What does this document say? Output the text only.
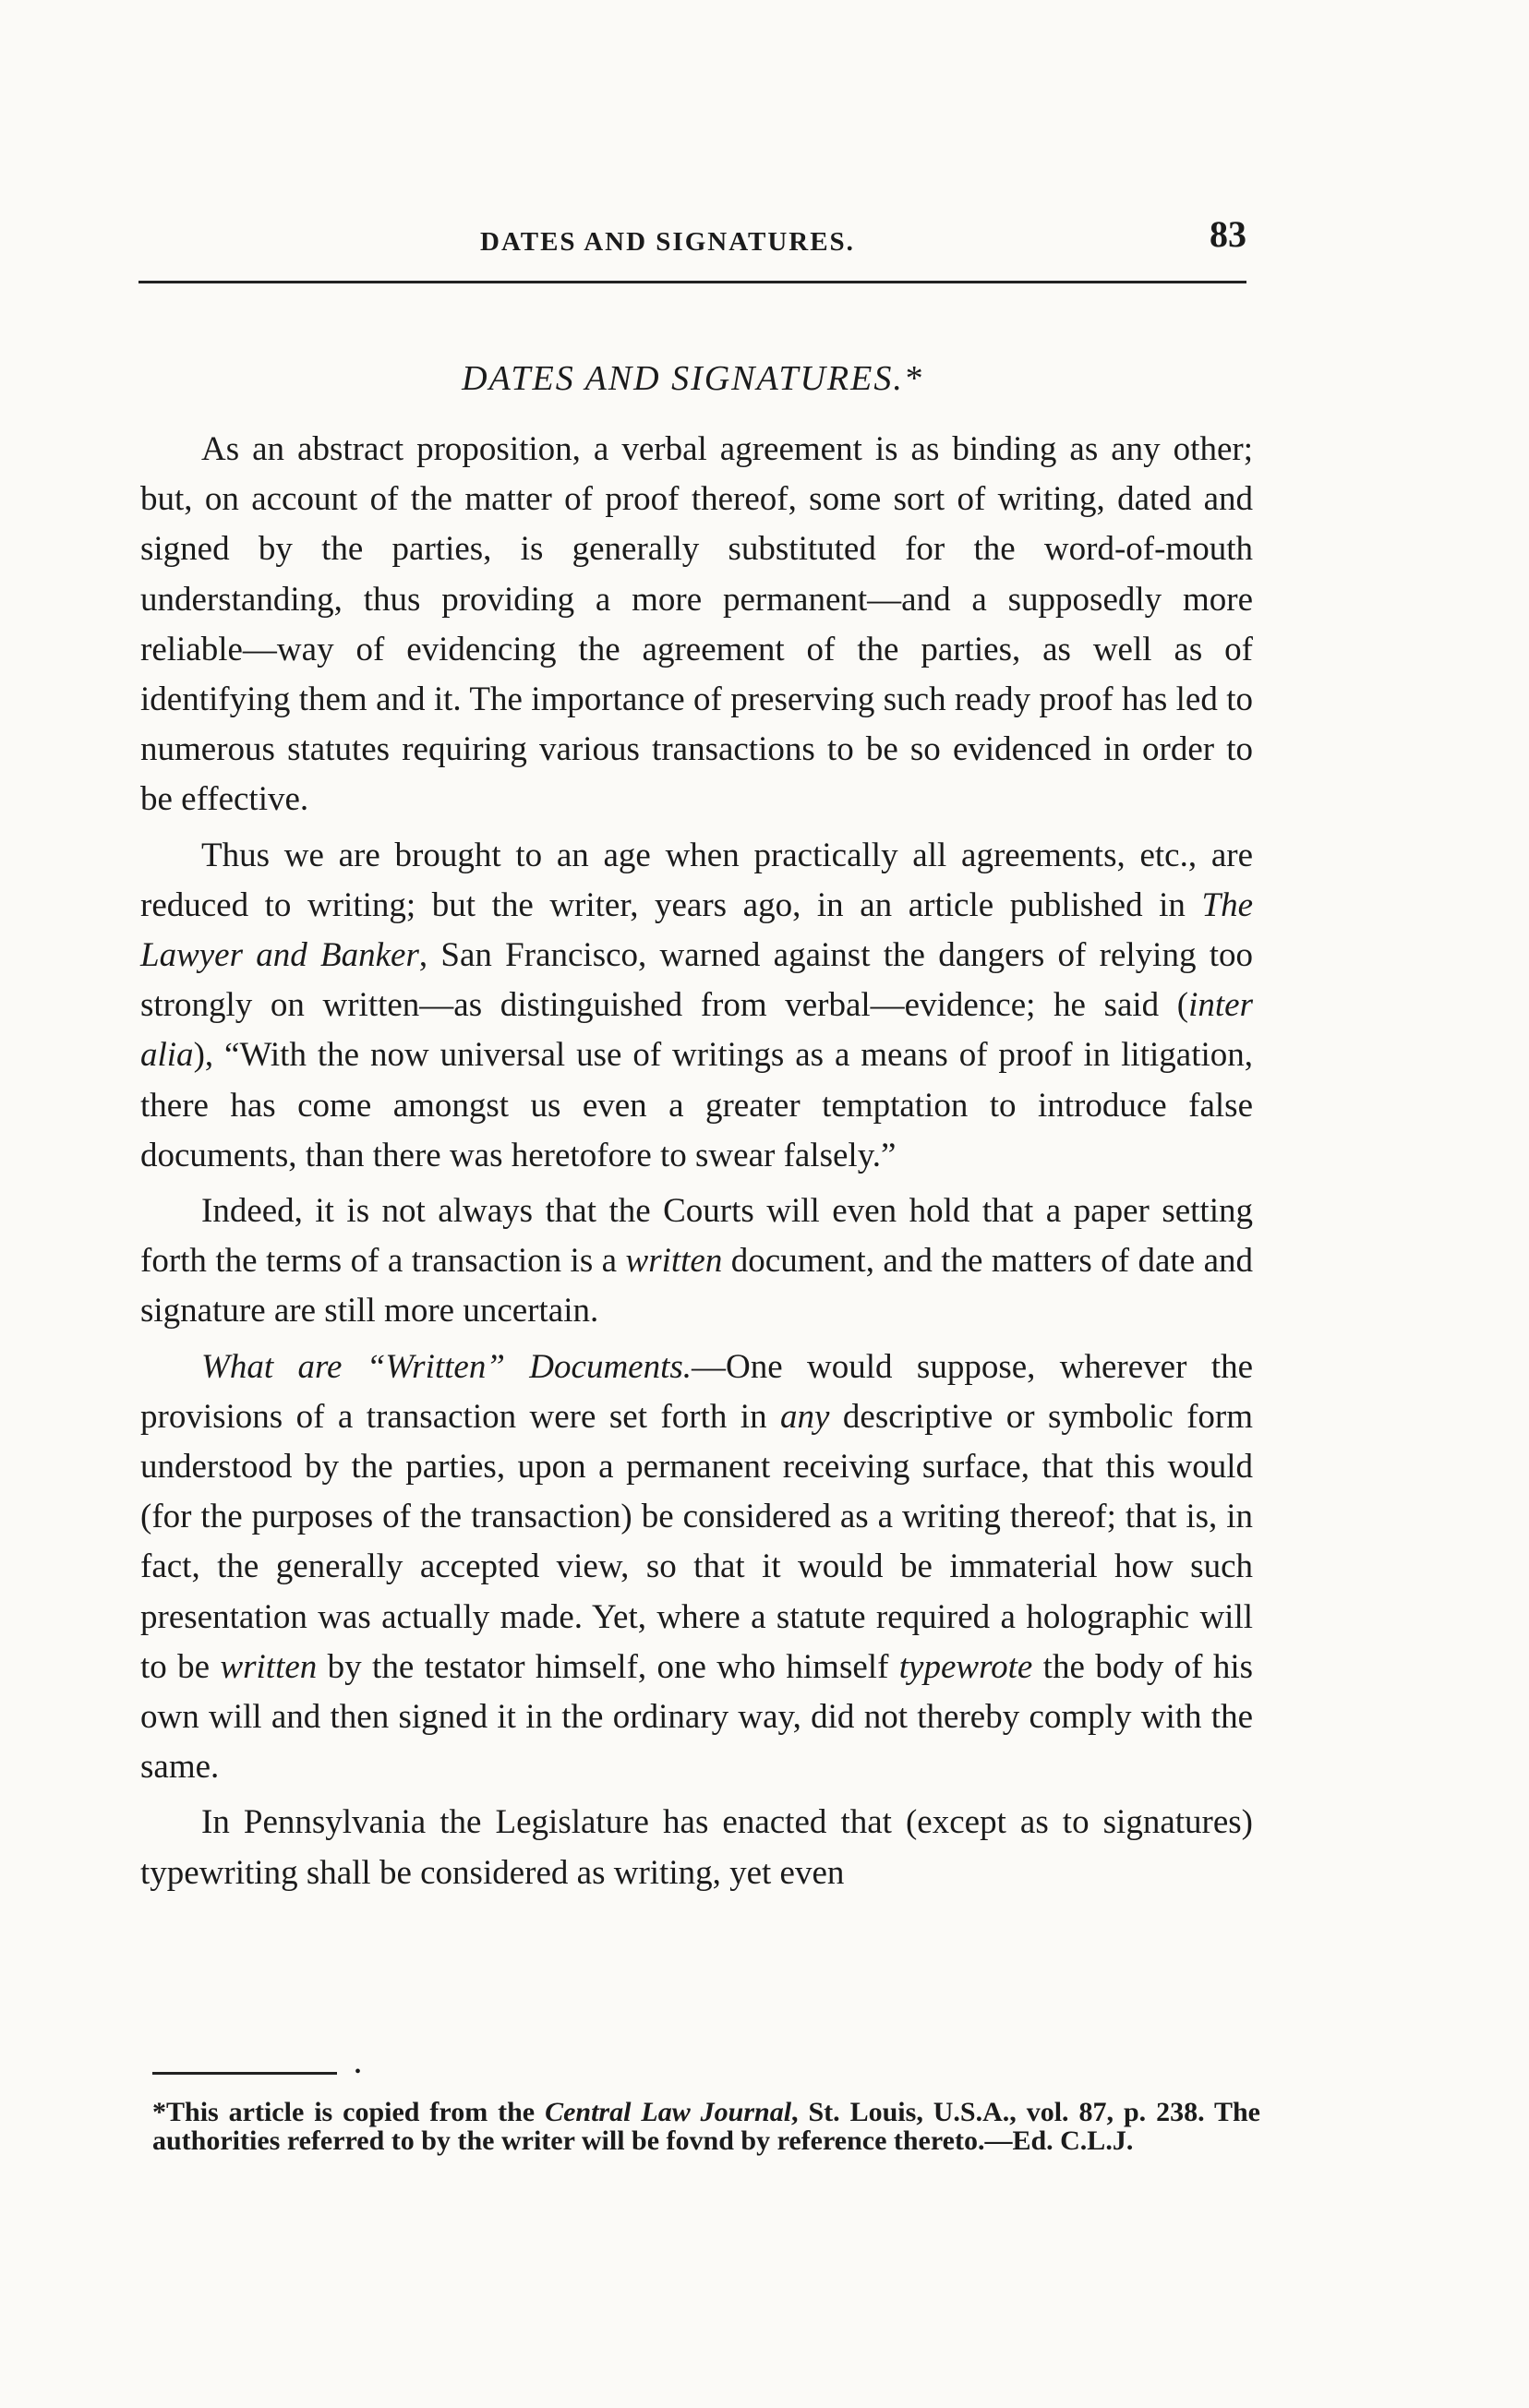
DATES AND SIGNATURES.	83
DATES AND SIGNATURES.*

As an abstract proposition, a verbal agreement is as binding as any other; but, on account of the matter of proof thereof, some sort of writing, dated and signed by the parties, is generally substituted for the word-of-mouth understanding, thus providing a more permanent—and a supposedly more reliable—way of evidencing the agreement of the parties, as well as of identifying them and it. The importance of preserving such ready proof has led to numerous statutes requiring various transactions to be so evidenced in order to be effective.

Thus we are brought to an age when practically all agreements, etc., are reduced to writing; but the writer, years ago, in an article published in The Lawyer and Banker, San Francisco, warned against the dangers of relying too strongly on written—as distinguished from verbal—evidence; he said (inter alia), “With the now universal use of writings as a means of proof in litigation, there has come amongst us even a greater temptation to introduce false documents, than there was heretofore to swear falsely.”

Indeed, it is not always that the Courts will even hold that a paper setting forth the terms of a transaction is a written document, and the matters of date and signature are still more uncertain.

What are “Written” Documents.—One would suppose, wherever the provisions of a transaction were set forth in any descriptive or symbolic form understood by the parties, upon a permanent receiving surface, that this would (for the purposes of the transaction) be considered as a writing thereof; that is, in fact, the generally accepted view, so that it would be immaterial how such presentation was actually made. Yet, where a statute required a holographic will to be written by the testator himself, one who himself typewrote the body of his own will and then signed it in the ordinary way, did not thereby comply with the same.

In Pennsylvania the Legislature has enacted that (except as to signatures) typewriting shall be considered as writing, yet even

•

*This article is copied from the Central Law Journal, St. Louis, U.S.A., vol. 87, p. 238. The authorities referred to by the writer will be fovnd by reference thereto.—Ed. C.L.J.
